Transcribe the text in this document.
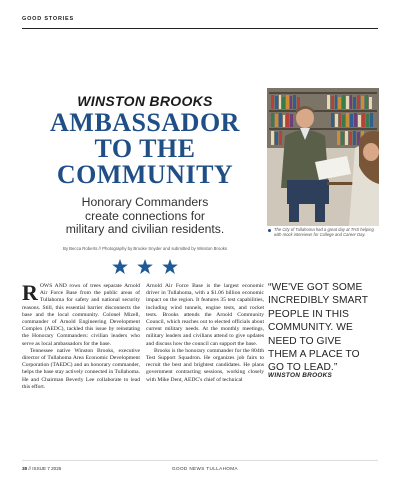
GOOD STORIES
WINSTON BROOKS
AMBASSADOR
TO THE
COMMUNITY
Honorary Commanders
create connections for
military and civilian residents.
By Becca Roberts // Photography by Brooke Snyder and submitted by Winston Brooks
The City of Tullahoma had a great day at THS helping with mock interviews for College and Career Day.

ROWS AND rows of trees separate Arnold Air Force Base from the public areas of Tullahoma for safety and national security reasons. Still, this essential barrier disconnects the base and the local community. Colonel Mizell, commander of Arnold Engineering Development Complex (AEDC), tackled this issue by reinstating the Honorary Commanders: civilian leaders who serve as local ambassadors for the base.

Tennessee native Winston Brooks, executive director of Tullahoma Area Economic Development Corporation (TAEDC) and an honorary commander, helps the base stay actively connected in Tullahoma. He and Chairman Beverly Lee collaborate to lead this effort.

Arnold Air Force Base is the largest economic driver in Tullahoma, with a $1.06 billion economic impact on the region. It features 35 test capabilities, including wind tunnels, engine tests, and rocket tests. Brooks attends the Arnold Community Council, which reaches out to elected officials about current military needs. At the monthly meetings, military leaders and civilians attend to give updates and discuss how the council can support the base.

Brooks is the honorary commander for the 804th Test Support Squadron. He organizes job fairs to recruit the best and brightest candidates. He plans government contracting sessions, working closely with Mike Dent, AEDC's chief of technical

“WE'VE GOT SOME
INCREDIBLY SMART
PEOPLE IN THIS
COMMUNITY. WE
NEED TO GIVE
THEM A PLACE TO
GO TO LEAD.”
WINSTON BROOKS
38 // ISSUE 7 2025	GOOD NEWS TULLAHOMA
